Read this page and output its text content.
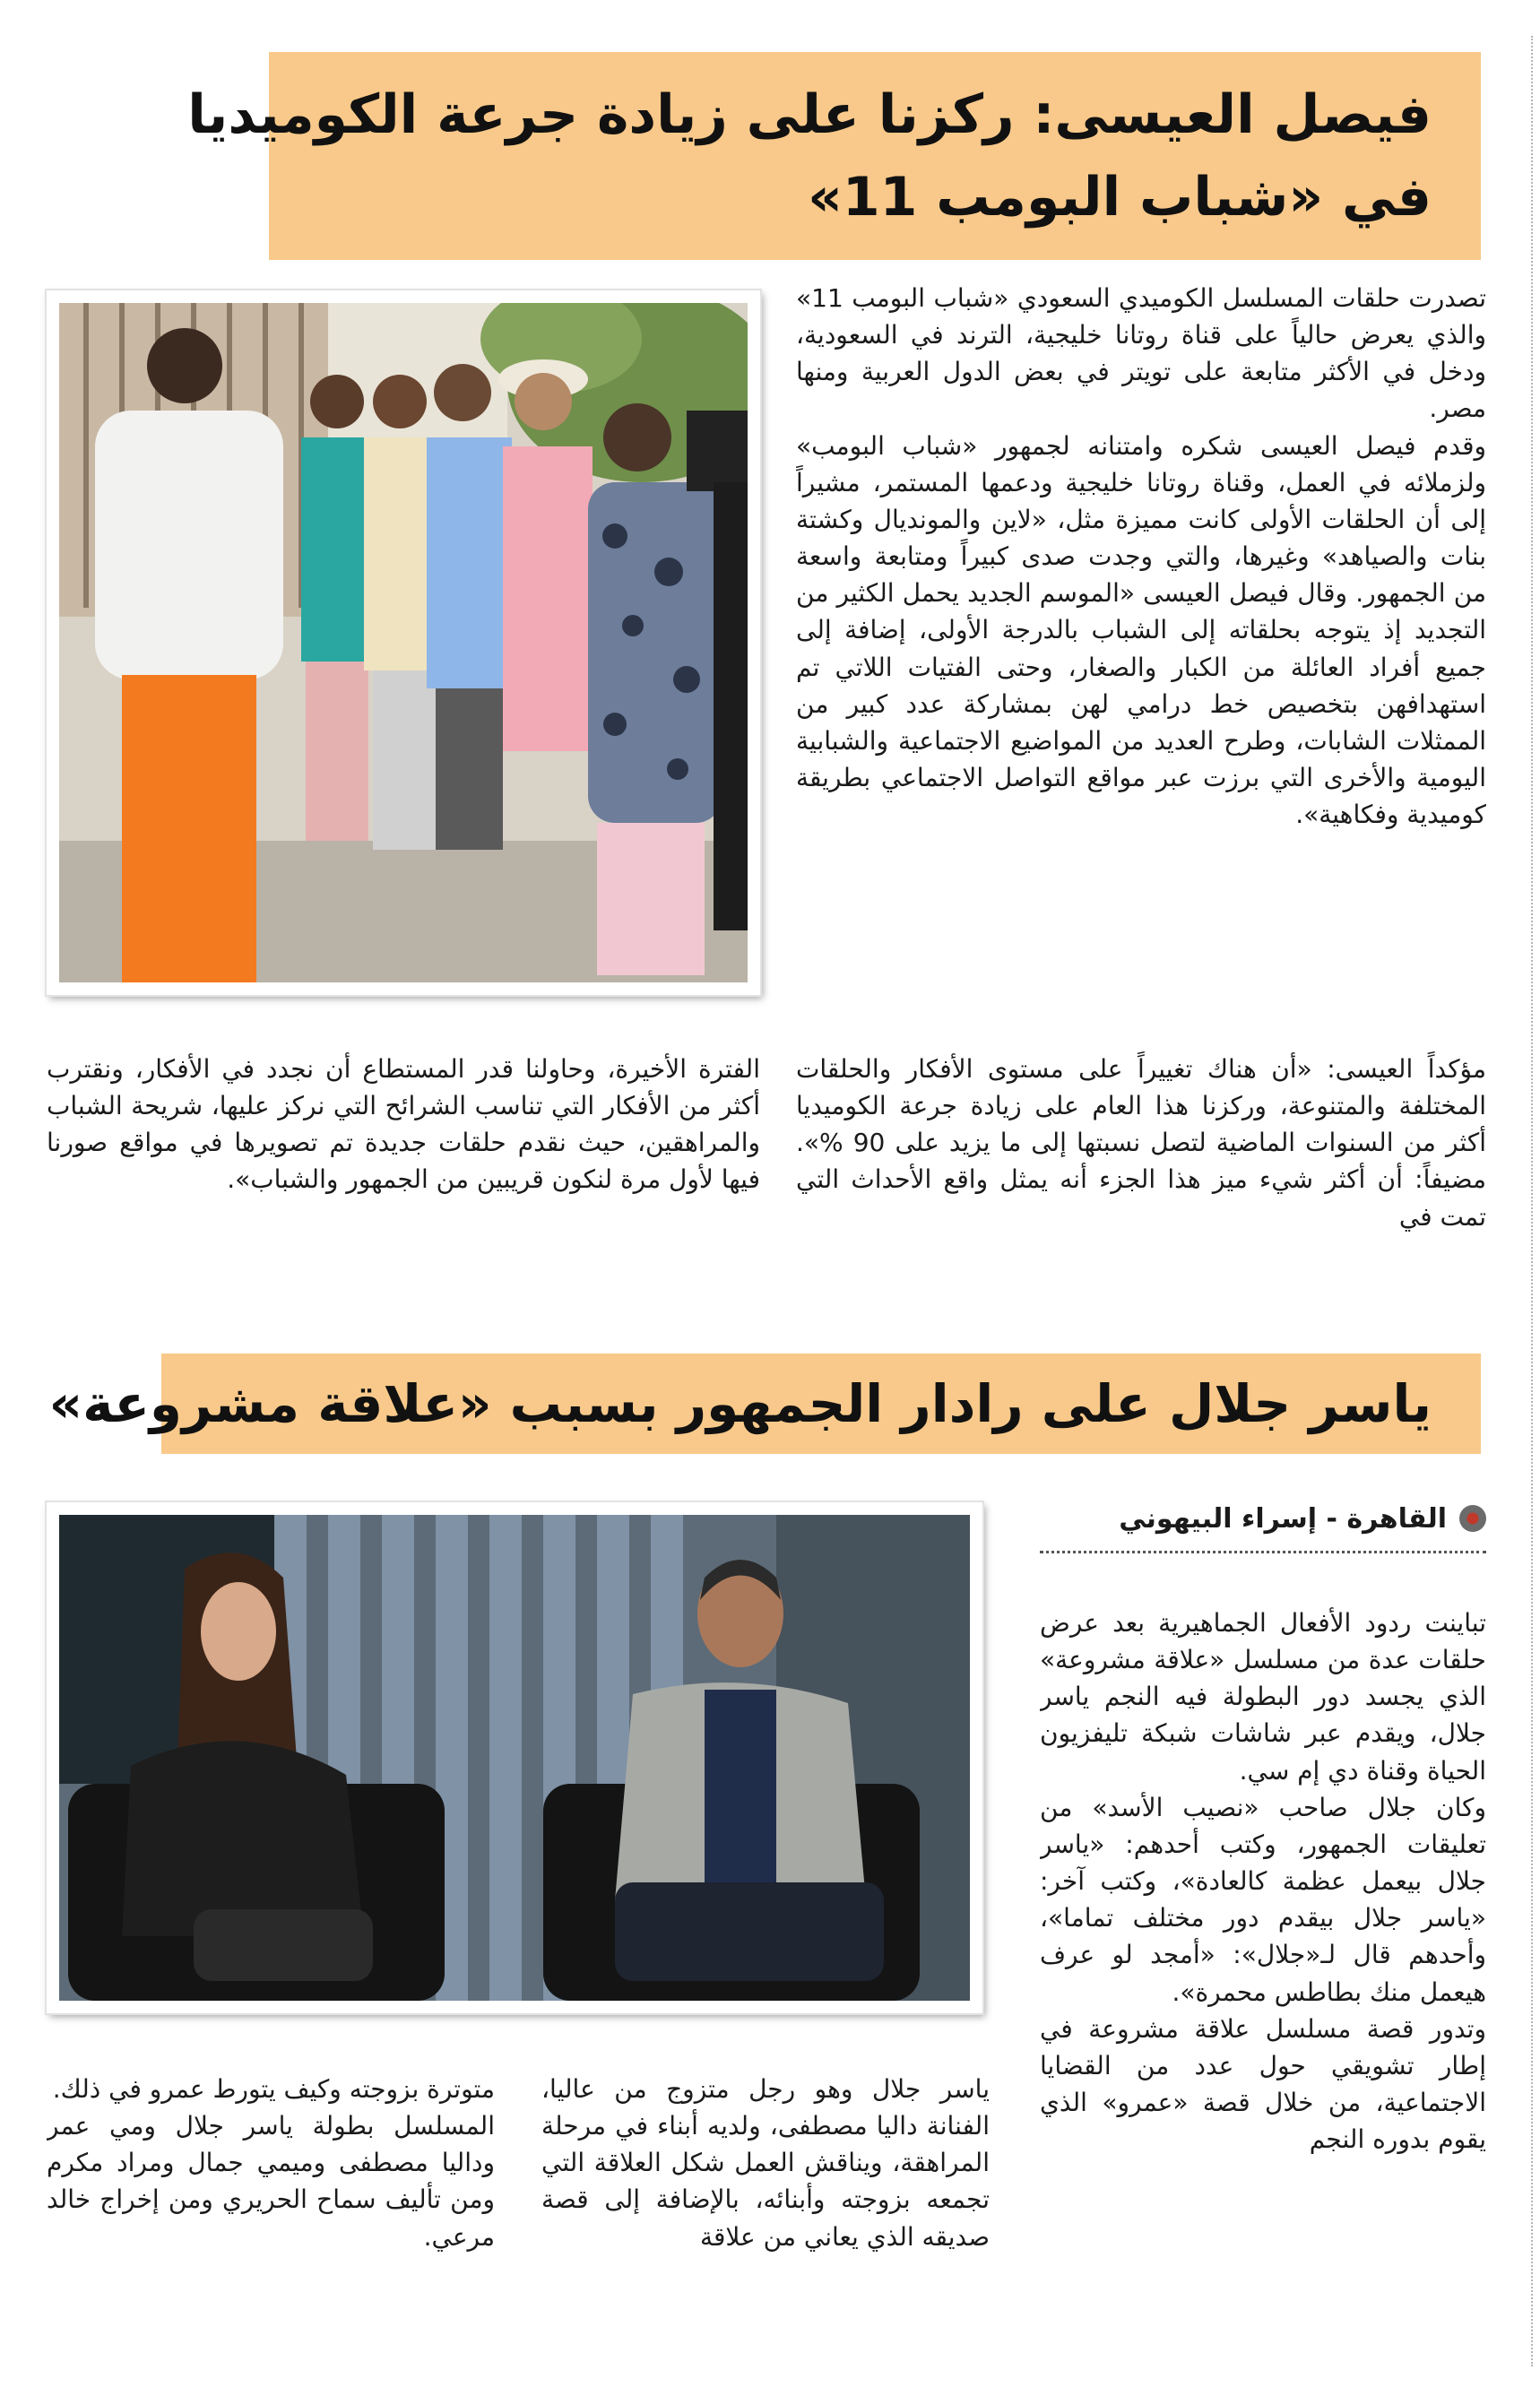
فيصل العيسى: ركزنا على زيادة جرعة الكوميديا
في «شباب البومب 11»

تصدرت حلقات المسلسل الكوميدي السعودي «شباب البومب 11» والذي يعرض حالياً على قناة روتانا خليجية، الترند في السعودية، ودخل في الأكثر متابعة على تويتر في بعض الدول العربية ومنها مصر.

وقدم فيصل العيسى شكره وامتنانه لجمهور «شباب البومب» ولزملائه في العمل، وقناة روتانا خليجية ودعمها المستمر، مشيراً إلى أن الحلقات الأولى كانت مميزة مثل، «لاين والمونديال وكشتة بنات والصياهد» وغيرها، والتي وجدت صدى كبيراً ومتابعة واسعة من الجمهور. وقال فيصل العيسى «الموسم الجديد يحمل الكثير من التجديد إذ يتوجه بحلقاته إلى الشباب بالدرجة الأولى، إضافة إلى جميع أفراد العائلة من الكبار والصغار، وحتى الفتيات اللاتي تم استهدافهن بتخصيص خط درامي لهن بمشاركة عدد كبير من الممثلات الشابات، وطرح العديد من المواضيع الاجتماعية والشبابية اليومية والأخرى التي برزت عبر مواقع التواصل الاجتماعي بطريقة كوميدية وفكاهية».

مؤكداً العيسى: «أن هناك تغييراً على مستوى الأفكار والحلقات المختلفة والمتنوعة، وركزنا هذا العام على زيادة جرعة الكوميديا أكثر من السنوات الماضية لتصل نسبتها إلى ما يزيد على 90 %». مضيفاً: أن أكثر شيء ميز هذا الجزء أنه يمثل واقع الأحداث التي تمت في

الفترة الأخيرة، وحاولنا قدر المستطاع أن نجدد في الأفكار، ونقترب أكثر من الأفكار التي تناسب الشرائح التي نركز عليها، شريحة الشباب والمراهقين، حيث نقدم حلقات جديدة تم تصويرها في مواقع صورنا فيها لأول مرة لنكون قريبين من الجمهور والشباب».

ياسر جلال على رادار الجمهور بسبب «علاقة مشروعة»
القاهرة - إسراء البيهوني

تباينت ردود الأفعال الجماهيرية بعد عرض حلقات عدة من مسلسل «علاقة مشروعة» الذي يجسد دور البطولة فيه النجم ياسر جلال، ويقدم عبر شاشات شبكة تليفزيون الحياة وقناة دي إم سي.

وكان جلال صاحب «نصيب الأسد» من تعليقات الجمهور، وكتب أحدهم: «ياسر جلال بيعمل عظمة كالعادة»، وكتب آخر: «ياسر جلال بيقدم دور مختلف تماما»، وأحدهم قال لـ«جلال»: «أمجد لو عرف هيعمل منك بطاطس محمرة».

وتدور قصة مسلسل علاقة مشروعة في إطار تشويقي حول عدد من القضايا الاجتماعية، من خلال قصة «عمرو» الذي يقوم بدوره النجم

ياسر جلال وهو رجل متزوج من عاليا، الفنانة داليا مصطفى، ولديه أبناء في مرحلة المراهقة، ويناقش العمل شكل العلاقة التي تجمعه بزوجته وأبنائه، بالإضافة إلى قصة صديقه الذي يعاني من علاقة

متوترة بزوجته وكيف يتورط عمرو في ذلك.

المسلسل بطولة ياسر جلال ومي عمر وداليا مصطفى وميمي جمال ومراد مكرم ومن تأليف سماح الحريري ومن إخراج خالد مرعي.
